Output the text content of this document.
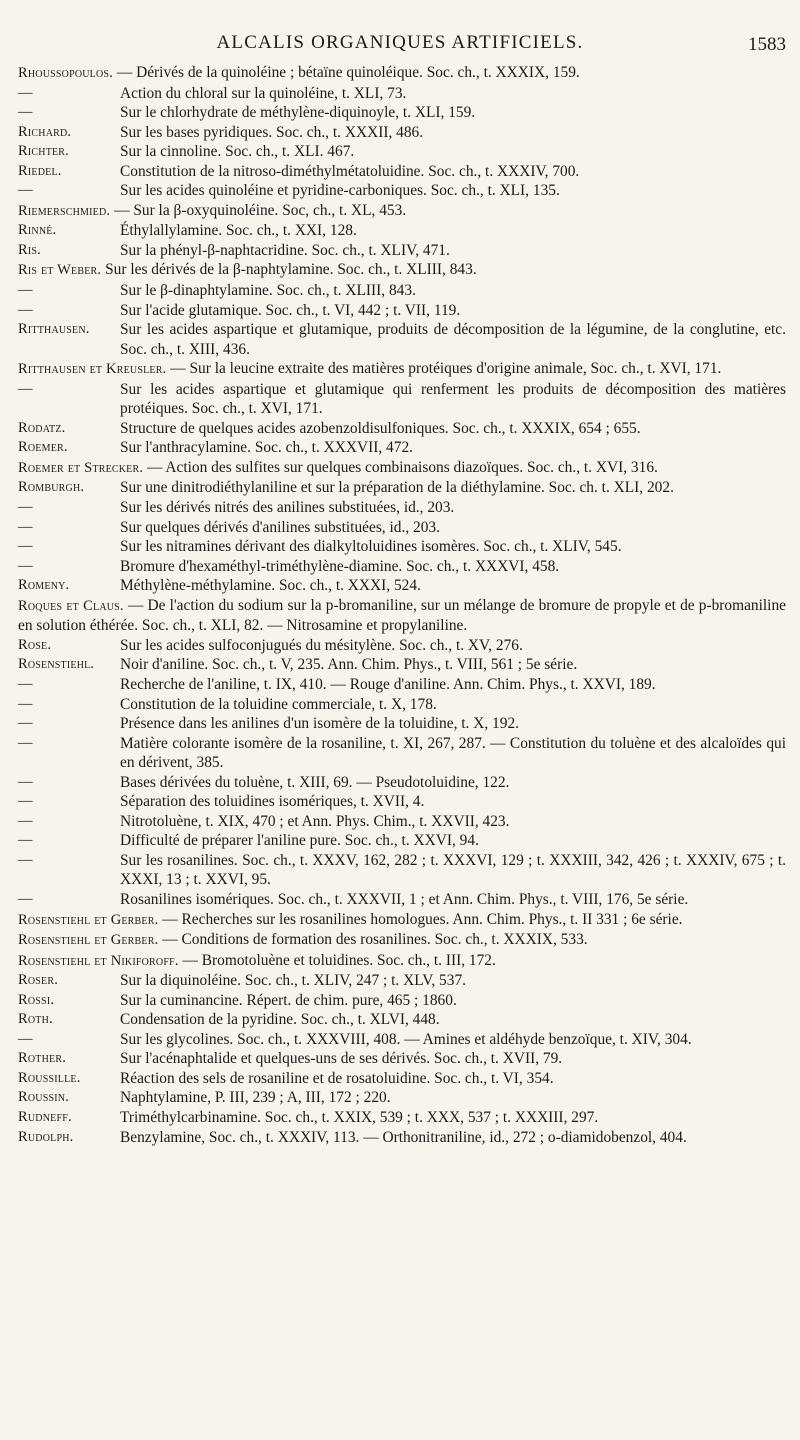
ALCALIS ORGANIQUES ARTIFICIELS.	1583
Rhoussopoulos. — Dérivés de la quinoléine ; bétaïne quinoléique. Soc. ch., t. XXXIX, 159.
—	Action du chloral sur la quinoléine, t. XLI, 73.
—	Sur le chlorhydrate de méthylène-diquinoyle, t. XLI, 159.
Richard.	Sur les bases pyridiques. Soc. ch., t. XXXII, 486.
Richter.	Sur la cinnoline. Soc. ch., t. XLI. 467.
Riedel.	Constitution de la nitroso-diméthylmétatoluidine. Soc. ch., t. XXXIV, 700.
—	Sur les acides quinoléine et pyridine-carboniques. Soc. ch., t. XLI, 135.
Riemerschmied. — Sur la β-oxyquinoléine. Soc, ch., t. XL, 453.
Rinné.	Éthylallylamine. Soc. ch., t. XXI, 128.
Ris.	Sur la phényl-β-naphtacridine. Soc. ch., t. XLIV, 471.
Ris et Weber. Sur les dérivés de la β-naphtylamine. Soc. ch., t. XLIII, 843.
—	Sur le β-dinaphtylamine. Soc. ch., t. XLIII, 843.
—	Sur l'acide glutamique. Soc. ch., t. VI, 442 ; t. VII, 119.
Ritthausen. Sur les acides aspartique et glutamique, produits de décomposition de la légumine, de la conglutine, etc. Soc. ch., t. XIII, 436.
Ritthausen et Kreusler. — Sur la leucine extraite des matières protéiques d'origine animale, Soc. ch., t. XVI, 171.
—	Sur les acides aspartique et glutamique qui renferment les produits de décomposition des matières protéiques. Soc. ch., t. XVI, 171.
Rodatz.	Structure de quelques acides azobenzoldisulfoniques. Soc. ch., t. XXXIX, 654 ; 655.
Roemer.	Sur l'anthracylamine. Soc. ch., t. XXXVII, 472.
Roemer et Strecker. — Action des sulfites sur quelques combinaisons diazoïques. Soc. ch., t. XVI, 316.
Romburgh. Sur une dinitrodiéthylaniline et sur la préparation de la diéthylamine. Soc. ch. t. XLI, 202.
—	Sur les dérivés nitrés des anilines substituées, id., 203.
—	Sur quelques dérivés d'anilines substituées, id., 203.
—	Sur les nitramines dérivant des dialkyltoluidines isomères. Soc. ch., t. XLIV, 545.
—	Bromure d'hexaméthyl-triméthylène-diamine. Soc. ch., t. XXXVI, 458.
Romeny.	Méthylène-méthylamine. Soc. ch., t. XXXI, 524.
Roques et Claus. — De l'action du sodium sur la p-bromaniline, sur un mélange de bromure de propyle et de p-bromaniline en solution éthérée. Soc. ch., t. XLI, 82. — Nitrosamine et propylaniline.
Rose.	Sur les acides sulfoconjugués du mésitylène. Soc. ch., t. XV, 276.
Rosenstiehl. Noir d'aniline. Soc. ch., t. V, 235. Ann. Chim. Phys., t. VIII, 561 ; 5e série.
—	Recherche de l'aniline, t. IX, 410. — Rouge d'aniline. Ann. Chim. Phys., t. XXVI, 189.
—	Constitution de la toluidine commerciale, t. X, 178.
—	Présence dans les anilines d'un isomère de la toluidine, t. X, 192.
—	Matière colorante isomère de la rosaniline, t. XI, 267, 287. — Constitution du toluène et des alcaloïdes qui en dérivent, 385.
—	Bases dérivées du toluène, t. XIII, 69. — Pseudotoluidine, 122.
—	Séparation des toluidines isomériques, t. XVII, 4.
—	Nitrotoluène, t. XIX, 470 ; et Ann. Phys. Chim., t. XXVII, 423.
—	Difficulté de préparer l'aniline pure. Soc. ch., t. XXVI, 94.
—	Sur les rosanilines. Soc. ch., t. XXXV, 162, 282 ; t. XXXVI, 129 ; t. XXXIII, 342, 426 ; t. XXXIV, 675 ; t. XXXI, 13 ; t. XXVI, 95.
—	Rosanilines isomériques. Soc. ch., t. XXXVII, 1 ; et Ann. Chim. Phys., t. VIII, 176, 5e série.
Rosenstiehl et Gerber. — Recherches sur les rosanilines homologues. Ann. Chim. Phys., t. II 331 ; 6e série.
Rosenstiehl et Gerber. — Conditions de formation des rosanilines. Soc. ch., t. XXXIX, 533.
Rosenstiehl et Nikiforoff. — Bromotoluène et toluidines. Soc. ch., t. III, 172.
Roser.	Sur la diquinoléine. Soc. ch., t. XLIV, 247 ; t. XLV, 537.
Rossi.	Sur la cuminancine. Répert. de chim. pure, 465 ; 1860.
Roth.	Condensation de la pyridine. Soc. ch., t. XLVI, 448.
—	Sur les glycolines. Soc. ch., t. XXXVIII, 408. — Amines et aldéhyde benzoïque, t. XIV, 304.
Rother.	Sur l'acénaphtalide et quelques-uns de ses dérivés. Soc. ch., t. XVII, 79.
Roussille.	Réaction des sels de rosaniline et de rosatoluidine. Soc. ch., t. VI, 354.
Roussin.	Naphtylamine, P. III, 239 ; A, III, 172 ; 220.
Rudneff.	Triméthylcarbinamine. Soc. ch., t. XXIX, 539 ; t. XXX, 537 ; t. XXXIII, 297.
Rudolph.	Benzylamine, Soc. ch., t. XXXIV, 113. — Orthonitraniline, id., 272 ; o-diamidobenzol, 404.
